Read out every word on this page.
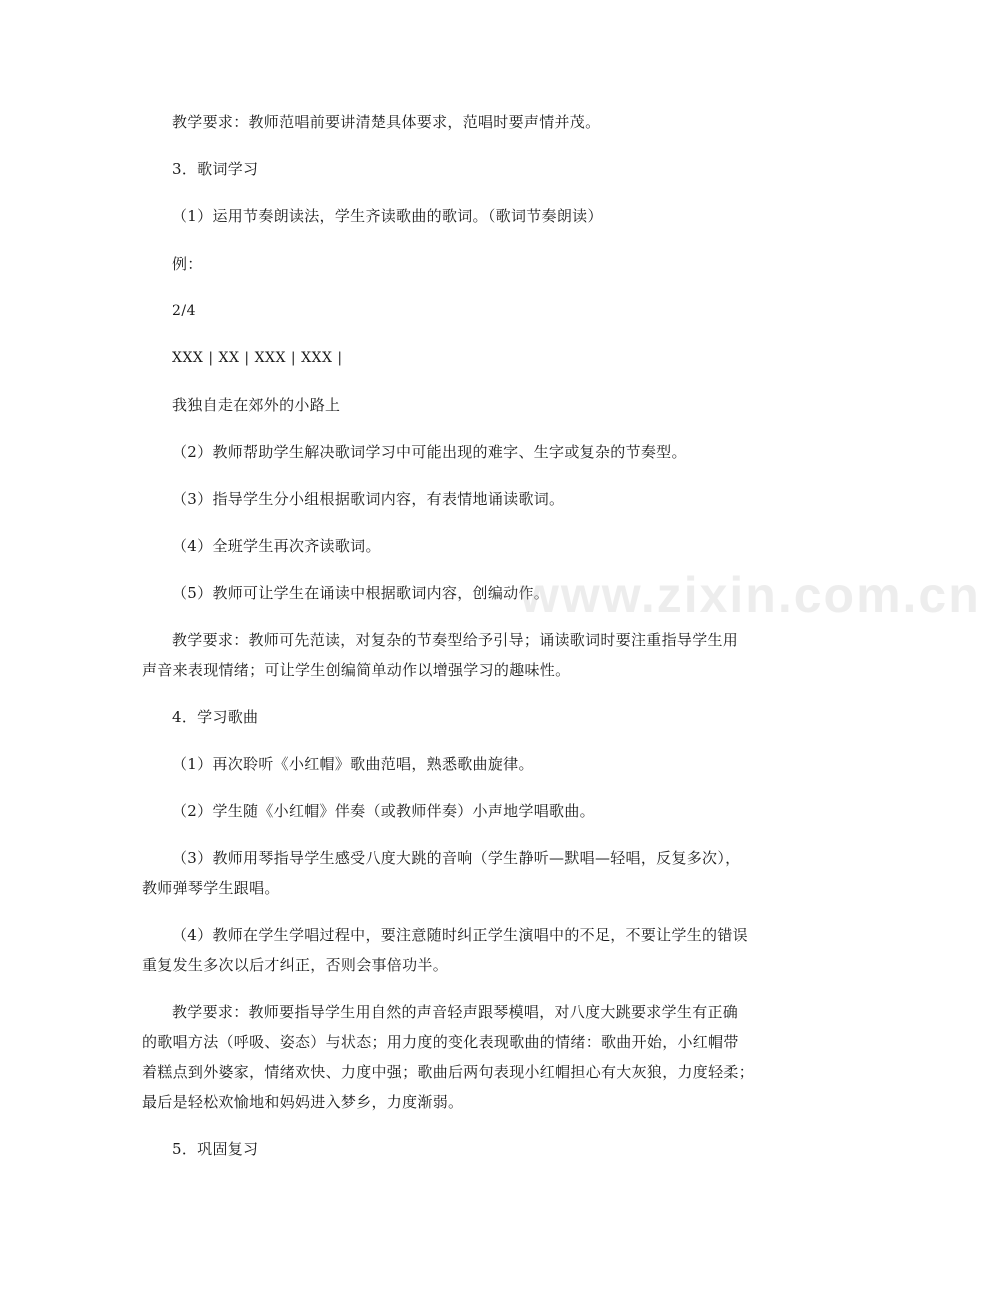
教学要求：教师范唱前要讲清楚具体要求，范唱时要声情并茂。
3．歌词学习
（1）运用节奏朗读法，学生齐读歌曲的歌词。（歌词节奏朗读）
例：
2/4
XXX | XX | XXX | XXX |
我独自走在郊外的小路上
（2）教师帮助学生解决歌词学习中可能出现的难字、生字或复杂的节奏型。
（3）指导学生分小组根据歌词内容，有表情地诵读歌词。
（4）全班学生再次齐读歌词。
（5）教师可让学生在诵读中根据歌词内容，创编动作。
教学要求：教师可先范读，对复杂的节奏型给予引导；诵读歌词时要注重指导学生用
声音来表现情绪；可让学生创编简单动作以增强学习的趣味性。
4．学习歌曲
（1）再次聆听《小红帽》歌曲范唱，熟悉歌曲旋律。
（2）学生随《小红帽》伴奏（或教师伴奏）小声地学唱歌曲。
（3）教师用琴指导学生感受八度大跳的音响（学生静听—默唱—轻唱，反复多次），
教师弹琴学生跟唱。
（4）教师在学生学唱过程中，要注意随时纠正学生演唱中的不足，不要让学生的错误
重复发生多次以后才纠正，否则会事倍功半。
教学要求：教师要指导学生用自然的声音轻声跟琴模唱，对八度大跳要求学生有正确
的歌唱方法（呼吸、姿态）与状态；用力度的变化表现歌曲的情绪：歌曲开始，小红帽带
着糕点到外婆家，情绪欢快、力度中强；歌曲后两句表现小红帽担心有大灰狼，力度轻柔；
最后是轻松欢愉地和妈妈进入梦乡，力度渐弱。
5．巩固复习
www.zixin.com.cn
